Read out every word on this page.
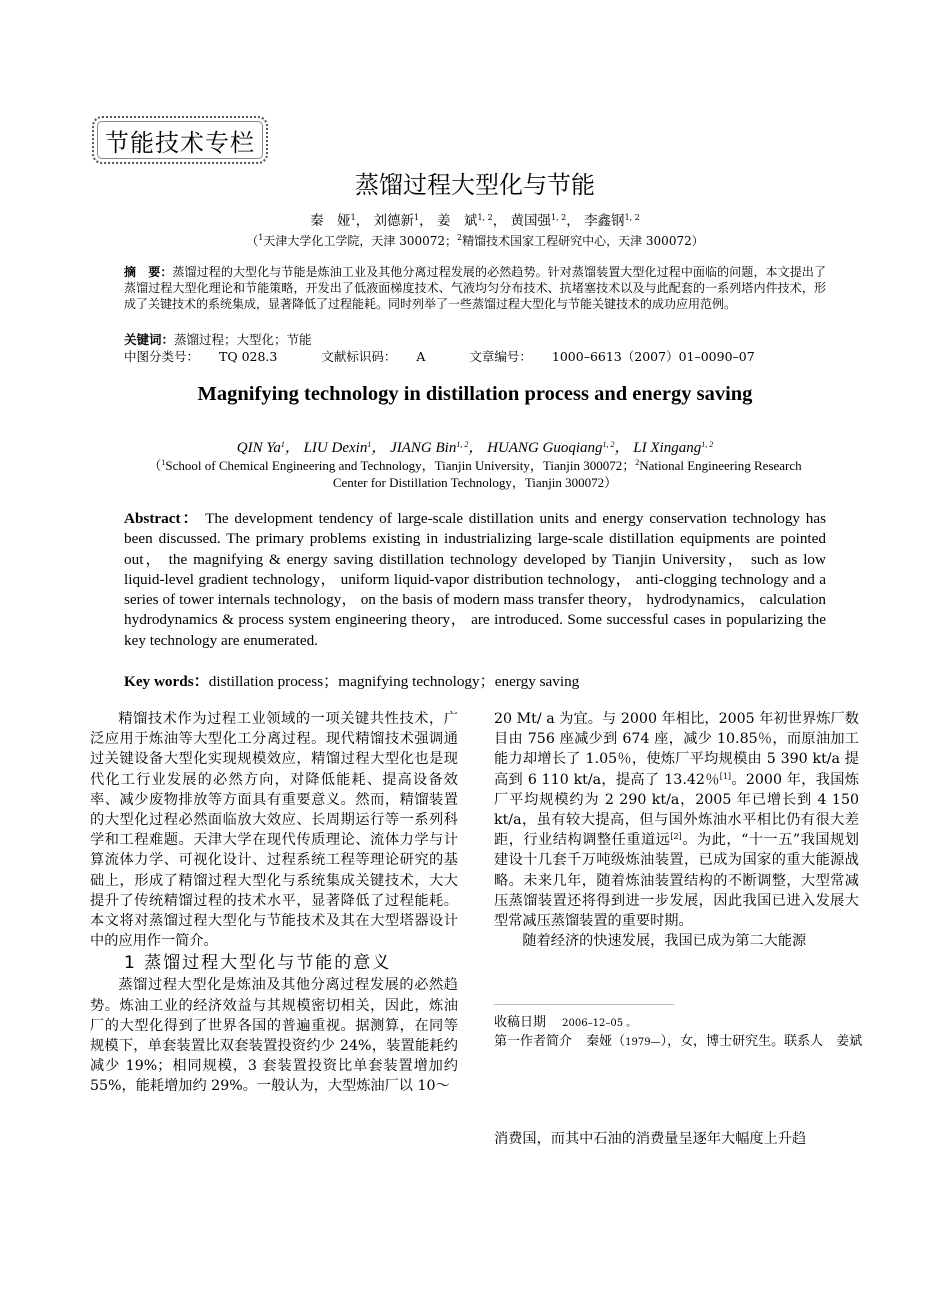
节能技术专栏
蒸馏过程大型化与节能
秦　娅$^1$， 刘德新$^1$， 姜　斌$^{1, 2}$， 黄国强$^{1, 2}$， 李鑫钢$^{1, 2}$
（$^1$天津大学化工学院，天津 300072；$^2$精馏技术国家工程研究中心，天津 300072）
摘　要：蒸馏过程的大型化与节能是炼油工业及其他分离过程发展的必然趋势。针对蒸馏装置大型化过程中面临的问题，本文提出了蒸馏过程大型化理论和节能策略，开发出了低液面梯度技术、气液均匀分布技术、抗堵塞技术以及与此配套的一系列塔内件技术，形成了关键技术的系统集成，显著降低了过程能耗。同时列举了一些蒸馏过程大型化与节能关键技术的成功应用范例。
关键词：蒸馏过程；大型化；节能
中图分类号： TQ 028.3	文献标识码： A	文章编号： 1000–6613（2007）01–0090–07
Magnifying technology in distillation process and energy saving
QIN Ya$^1$， LIU Dexin$^1$， JIANG Bin$^{1, 2}$， HUANG Guoqiang$^{1, 2}$， LI Xingang$^{1, 2}$
（$^1$School of Chemical Engineering and Technology，Tianjin University，Tianjin 300072；$^2$National Engineering Research Center for Distillation Technology，Tianjin 300072）
Abstract： The development tendency of large-scale distillation units and energy conservation technology has been discussed. The primary problems existing in industrializing large-scale distillation equipments are pointed out， the magnifying & energy saving distillation technology developed by Tianjin University， such as low liquid-level gradient technology， uniform liquid-vapor distribution technology， anti-clogging technology and a series of tower internals technology， on the basis of modern mass transfer theory， hydrodynamics， calculation hydrodynamics & process system engineering theory， are introduced. Some successful cases in popularizing the key technology are enumerated.
Key words：distillation process；magnifying technology；energy saving

精馏技术作为过程工业领域的一项关键共性技术，广泛应用于炼油等大型化工分离过程。现代精馏技术强调通过关键设备大型化实现规模效应，精馏过程大型化也是现代化工行业发展的必然方向，对降低能耗、提高设备效率、减少废物排放等方面具有重要意义。然而，精馏装置的大型化过程必然面临放大效应、长周期运行等一系列科学和工程难题。天津大学在现代传质理论、流体力学与计算流体力学、可视化设计、过程系统工程等理论研究的基础上，形成了精馏过程大型化与系统集成关键技术，大大提升了传统精馏过程的技术水平，显著降低了过程能耗。本文将对蒸馏过程大型化与节能技术及其在大型塔器设计中的应用作一简介。

1 蒸馏过程大型化与节能的意义

蒸馏过程大型化是炼油及其他分离过程发展的必然趋势。炼油工业的经济效益与其规模密切相关，因此，炼油厂的大型化得到了世界各国的普遍重视。据测算，在同等规模下，单套装置比双套装置投资约少 24%，装置能耗约减少 19%；相同规模，3 套装置投资比单套装置增加约 55%，能耗增加约 29%。一般认为，大型炼油厂以 10～

20 Mt/ a 为宜。与 2000 年相比，2005 年初世界炼厂数目由 756 座减少到 674 座，减少 10.85％，而原油加工能力却增长了 1.05％，使炼厂平均规模由 5 390 kt/a 提高到 6 110 kt/a，提高了 13.42％[1]。2000 年，我国炼厂平均规模约为 2 290 kt/a，2005 年已增长到 4 150 kt/a，虽有较大提高，但与国外炼油水平相比仍有很大差距，行业结构调整任重道远[2]。为此，“十一五”我国规划建设十几套千万吨级炼油装置，已成为国家的重大能源战略。未来几年，随着炼油装置结构的不断调整，大型常减压蒸馏装置还将得到进一步发展，因此我国已进入发展大型常减压蒸馏装置的重要时期。

随着经济的快速发展，我国已成为第二大能源

收稿日期 2006–12–05 。
第一作者简介 秦娅（1979—），女，博士研究生。联系人　姜斌
消费国，而其中石油的消费量呈逐年大幅度上升趋
